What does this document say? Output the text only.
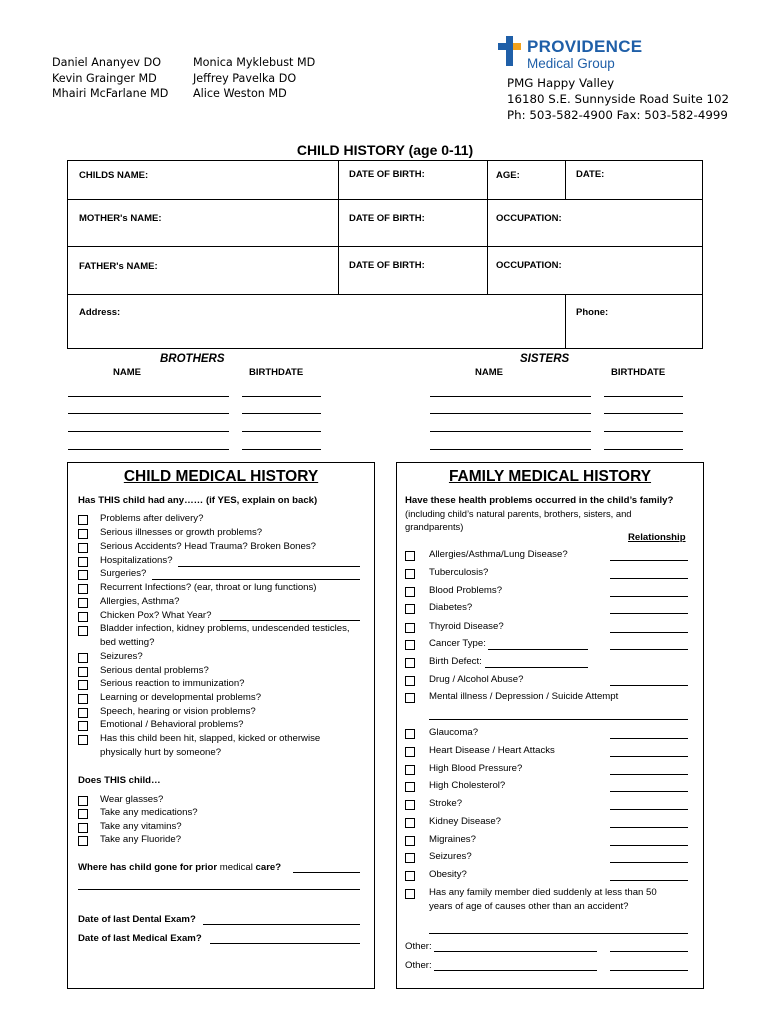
Daniel Ananyev DO
Kevin Grainger MD
Mhairi McFarlane MD
Monica Myklebust MD
Jeffrey Pavelka DO
Alice Weston MD
PROVIDENCE
Medical Group
PMG Happy Valley
16180 S.E. Sunnyside Road Suite 102
Ph: 503-582-4900 Fax: 503-582-4999
CHILD HISTORY (age 0-11)
CHILDS NAME:	DATE OF BIRTH:	AGE:	DATE:
MOTHER's NAME:	DATE OF BIRTH:	OCCUPATION:
FATHER's NAME:	DATE OF BIRTH:	OCCUPATION:
Address:	Phone:
BROTHERS
NAME	BIRTHDATE
SISTERS
NAME	BIRTHDATE
CHILD MEDICAL HISTORY
Has THIS child had any…… (if YES, explain on back)
Problems after delivery?
Serious illnesses or growth problems?
Serious Accidents? Head Trauma? Broken Bones?
Hospitalizations?
Surgeries?
Recurrent Infections? (ear, throat or lung functions)
Allergies, Asthma?
Chicken Pox? What Year?
Bladder infection, kidney problems, undescended testicles,
bed wetting?
Seizures?
Serious dental problems?
Serious reaction to immunization?
Learning or developmental problems?
Speech, hearing or vision problems?
Emotional / Behavioral problems?
Has this child been hit, slapped, kicked or otherwise
physically hurt by someone?
Does THIS child…
Wear glasses?
Take any medications?
Take any vitamins?
Take any Fluoride?
Where has child gone for prior medical care?
Date of last Dental Exam?
Date of last Medical Exam?
FAMILY MEDICAL HISTORY
Have these health problems occurred in the child’s family?
(including child’s natural parents, brothers, sisters, and
grandparents)
Relationship
Allergies/Asthma/Lung Disease?
Tuberculosis?
Blood Problems?
Diabetes?
Thyroid Disease?
Cancer Type:
Birth Defect:
Drug / Alcohol Abuse?
Mental illness / Depression / Suicide Attempt
Glaucoma?
Heart Disease / Heart Attacks
High Blood Pressure?
High Cholesterol?
Stroke?
Kidney Disease?
Migraines?
Seizures?
Obesity?
Has any family member died suddenly at less than 50
years of age of causes other than an accident?
Other:
Other:
